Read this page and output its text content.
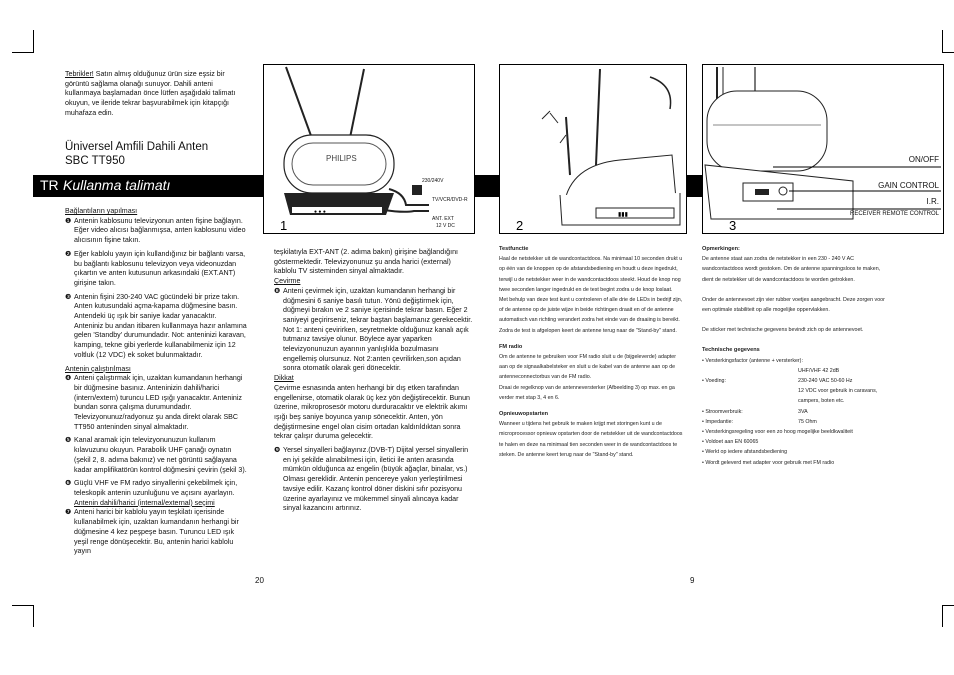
Tebrikler! Satın almış olduğunuz ürün size eşsiz bir görüntü sağlama olanağı sunuyor. Dahili anteni kullanmaya başlamadan önce lütfen aşağıdaki talimatı okuyun, ve ileride tekrar başvurabilmek için kitapçığı muhafaza edin.
Üniversel Amfili Dahili Anten
SBC TT950
TR Kullanma talimatı
PHILIPS
● ● ●
1
230/240V
TV/VCR/DVD-R
ANT. EXT
12 V DC
▮▮▮
2	3
ON/OFF
GAIN CONTROL
I.R.
RECEIVER REMOTE CONTROL

Bağlantıların yapılması

❶ Antenin kablosunu televizyonun anten fişine bağlayın. Eğer video alıcısı bağlanmışsa, anten kablosunu video alıcısının fişine takın.
❷ Eğer kablolu yayın için kullandığınız bir bağlantı varsa, bu bağlantı kablosunu televizyon veya videonuzdan çıkartın ve anten kutusunun arkasındaki (EXT.ANT) girişine takın.
❸ Antenin fişini 230-240 VAC gücündeki bir prize takın. Anten kutusundaki açma-kapama düğmesine basın. Antendeki üç ışık bir saniye kadar yanacaktır. Anteniniz bu andan itibaren kullanmaya hazır anlamına gelen 'Standby' durumundadır. Not: anteninizi karavan, kamping, tekne gibi yerlerde kullanabilmeniz için 12 voltluk (12 VDC) ek soket bulunmaktadır.

Antenin çalıştırılması

❹ Anteni çalıştırmak için, uzaktan kumandanın herhangi bir düğmesine basınız. Anteninizin dahili/harici (intern/extern) turuncu LED ışığı yanacaktır. Anteniniz bundan sonra çalışma durumundadır. Televizyonunuz/radyonuz şu anda direkt olarak SBC TT950 anteninden sinyal almaktadır.
❺ Kanal aramak için televizyonunuzun kullanım kılavuzunu okuyun. Parabolik UHF çanağı oynatın (şekil 2, 8. adıma bakınız) ve net görüntü sağlayana kadar amplifikatörün kontrol düğmesini çevirin (şekil 3).
❻ Güçlü VHF ve FM radyo sinyallerini çekebilmek için, teleskopik antenin uzunluğunu ve açısını ayarlayın.

Antenin dahili/harici (internal/external) seçimi

❼ Anteni harici bir kablolu yayın teşkilatı içerisinde kullanabilmek için, uzaktan kumandanın herhangi bir düğmesine 4 kez peşpeşe basın. Turuncu LED ışık yeşil renge dönüşecektir. Bu, antenin harici kablolu yayın
20

teşkilatıyla EXT-ANT (2. adıma bakın) girişine bağlandığını göstermektedir. Televizyonunuz şu anda harici (external) kablolu TV sisteminden sinyal almaktadır.

Çevirme

❽ Anteni çevirmek için, uzaktan kumandanın herhangi bir düğmesini 6 saniye basılı tutun. Yönü değiştirmek için, düğmeyi bırakın ve 2 saniye içerisinde tekrar basın. Eğer 2 saniyeyi geçirirseniz, tekrar baştan başlamanız gerekecektir. Not 1: anteni çevirirken, seyretmekte olduğunuz kanalı açık tutmanız tavsiye olunur. Böylece ayar yaparken televizyonunuzun ayarının yanlışlıkla bozulmasını engellemiş olursunuz. Not 2:anten çevrilirken,son açıdan sonra otomatik olarak geri dönecektir.

Dikkat

Çevirme esnasında anten herhangi bir dış etken tarafından engellenirse, otomatik olarak üç kez yön değiştirecektir. Bunun üzerine, mikroprosesör motoru durduracaktır ve elektrik akımı ışığı beş saniye boyunca yanıp sönecektir. Anten, yön değiştirmesine engel olan cisim ortadan kaldırıldıktan sonra tekrar çalışır duruma gelecektir.

❾ Yersel sinyalleri bağlayınız.(DVB-T) Dijital yersel sinyallerin en iyi şekilde alınabilmesi için, iletici ile anten arasında mümkün olduğunca az engelin (büyük ağaçlar, binalar, vs.) Olması gereklidir. Antenin pencereye yakın yerleştirilmesi tavsiye edilir. Kazanç kontrol döner diskini sıfır pozisyonu üzerine ayarlayınız ve mükemmel sinyali alıncaya kadar sinyal kazancını artırınız.

Testfunctie

Haal de netstekker uit de wandcontactdoos. Na minimaal 10 seconden drukt u op één van de knoppen op de afstandsbediening en houdt u deze ingedrukt, terwijl u de netstekker weer in de wandcontactdoos steekt. Houd de knop nog twee seconden langer ingedrukt en de test begint zodra u de knop loslaat.

Met behulp van deze test kunt u controleren of alle drie de LEDs in bedrijf zijn, of de antenne op de juiste wijze in beide richtingen draait en of de antenne automatisch van richting verandert zodra het einde van de draaiing is bereikt. Zodra de test is afgelopen keert de antenne terug naar de "Stand-by" stand.

FM radio

Om de antenne te gebruiken voor FM radio sluit u de (bijgeleverde) adapter aan op de signaalkabelsteker en sluit u de kabel van de antenne aan op de antenneconnectorbus van de FM radio.

Draai de regelknop van de antenneversterker (Afbeelding 3) op max. en ga verder met stap 3, 4 en 6.

Opnieuwopstarten

Wanneer u tijdens het gebruik te maken krijgt met storingen kunt u de microprocessor opnieuw opstarten door de netstekker uit de wandcontactdoos te halen en deze na minimaal tien seconden weer in de wandcontactdoos te steken. De antenne keert terug naar de "Stand-by" stand.

Opmerkingen:

De antenne staat aan zodra de netstekker in een 230 - 240 V AC wandcontactdoos wordt gestoken. Om de antenne spanningsloos te maken, dient de netstekker uit de wandcontactdoos te worden getrokken.

Onder de antennevoet zijn vier rubber voetjes aangebracht. Deze zorgen voor een optimale stabiliteit op alle mogelijke oppervlakken.

De sticker met technische gegevens bevindt zich op de antennevoet.

Technische gegevens

• Versterkingsfactor (antenne + versterker):
UHF/VHF 42 2dB
• Voeding:	230-240 VAC 50-60 Hz
12 VDC voor gebruik in caravans, campers, boten etc.
• Stroomverbruik:	3VA
• Impedantie:	75 Ohm
• Versterkingsregeling voor een zo hoog mogelijke beeldkwaliteit
• Voldoet aan EN 60065
• Werkt op iedere afstandsbediening
• Wordt geleverd met adapter voor gebruik met FM radio
9
